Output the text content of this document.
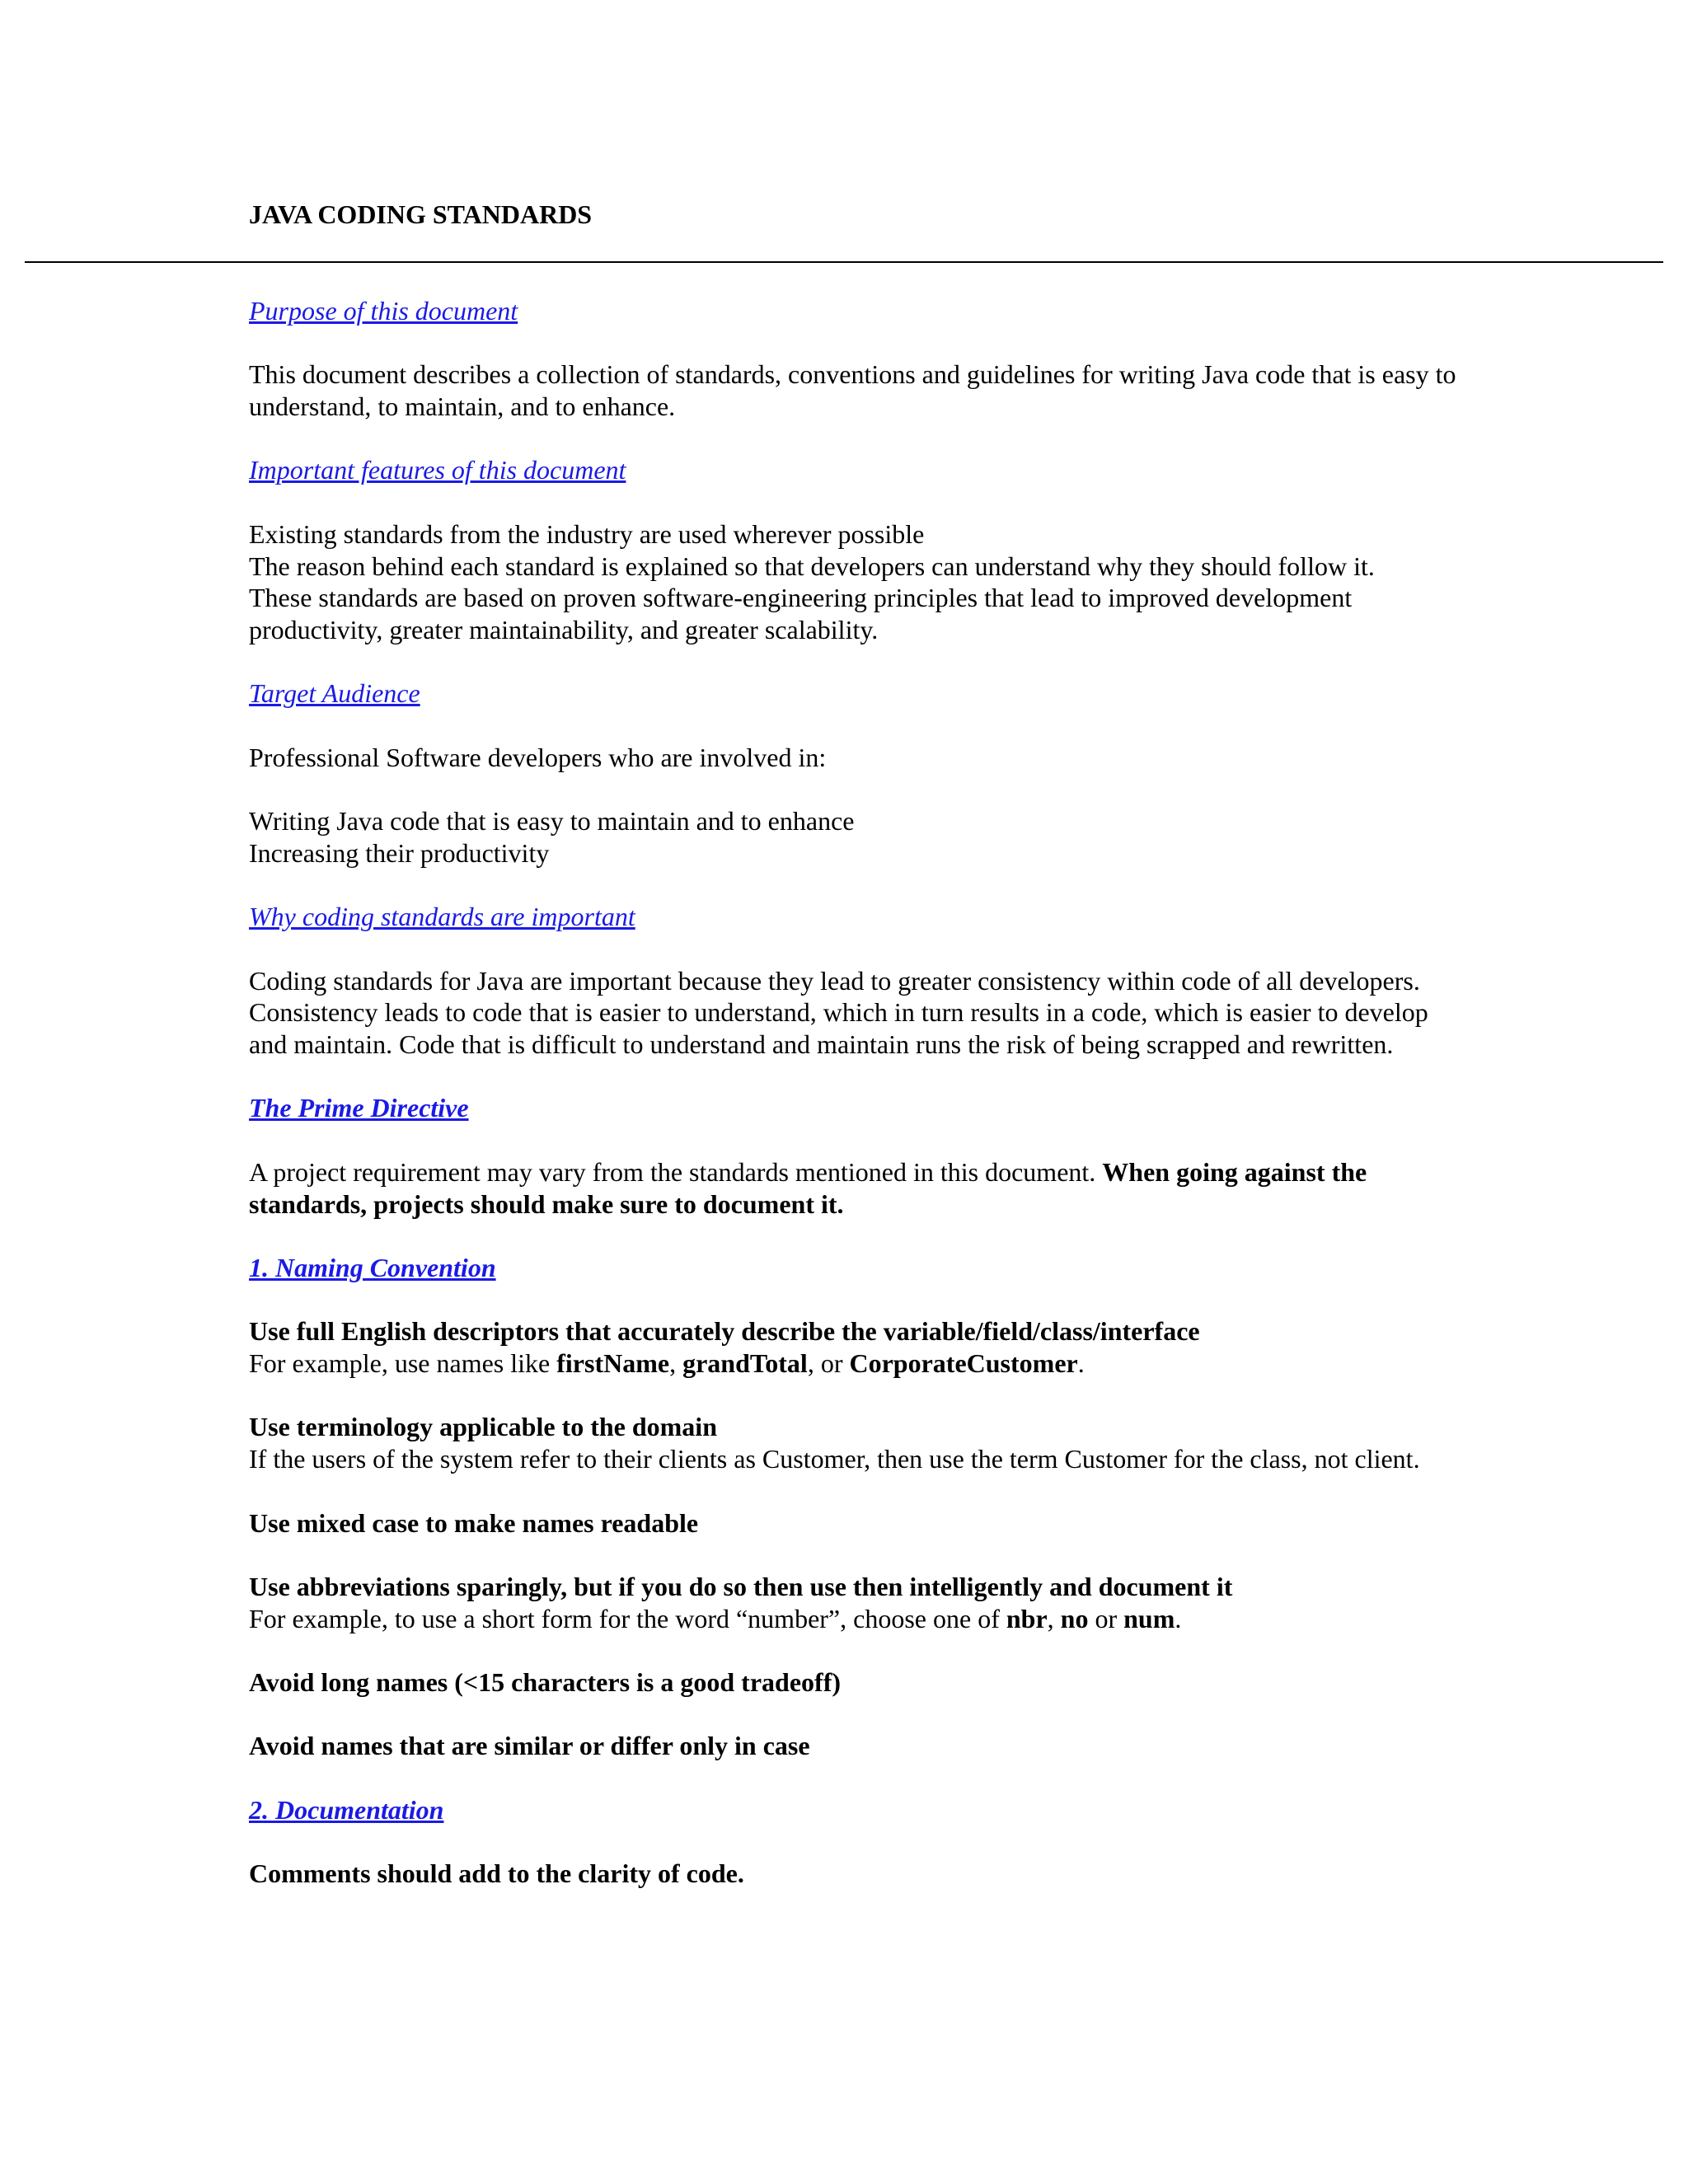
JAVA CODING STANDARDS

Purpose of this document

This document describes a collection of standards, conventions and guidelines for writing Java code that is easy to understand, to maintain, and to enhance.

Important features of this document

Existing standards from the industry are used wherever possible
The reason behind each standard is explained so that developers can understand why they should follow it.
These standards are based on proven software-engineering principles that lead to improved development productivity, greater maintainability, and greater scalability.

Target Audience

Professional Software developers who are involved in:

Writing Java code that is easy to maintain and to enhance
Increasing their productivity

Why coding standards are important

Coding standards for Java are important because they lead to greater consistency within code of all developers. Consistency leads to code that is easier to understand, which in turn results in a code, which is easier to develop and maintain. Code that is difficult to understand and maintain runs the risk of being scrapped and rewritten.

The Prime Directive

A project requirement may vary from the standards mentioned in this document. When going against the standards, projects should make sure to document it.

1. Naming Convention

Use full English descriptors that accurately describe the variable/field/class/interface
For example, use names like firstName, grandTotal, or CorporateCustomer.

Use terminology applicable to the domain
If the users of the system refer to their clients as Customer, then use the term Customer for the class, not client.

Use mixed case to make names readable

Use abbreviations sparingly, but if you do so then use then intelligently and document it
For example, to use a short form for the word “number”, choose one of nbr, no or num.

Avoid long names (<15 characters is a good tradeoff)

Avoid names that are similar or differ only in case

2. Documentation

Comments should add to the clarity of code.
